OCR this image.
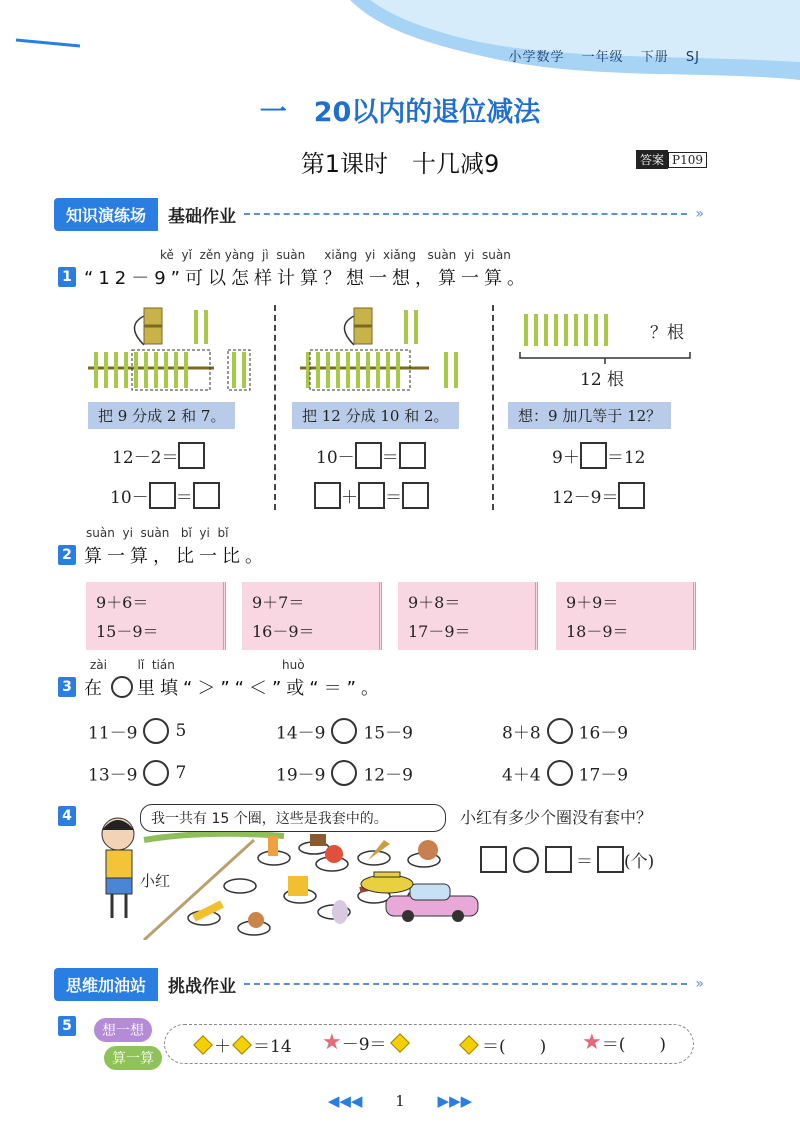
小学数学 一年级 下册 SJ
一　20以内的退位减法
第1课时　十几减9	答案 P109
知识演练场	基础作业	»
kě yǐ zěn yàng jì suàn xiǎng yi xiǎng suàn yi suàn
1 “12－9”可以怎样计算？想一想，算一算。
？根
12 根
把 9 分成 2 和 7。	把 12 分成 10 和 2。	想：9 加几等于 12？
12－2＝
10－ ＝
10－ ＝
＋ ＝
9＋ ＝12
12－9＝
suàn yi suàn bǐ yi bǐ
2 算一算，比一比。
9＋6＝
15－9＝
9＋7＝
16－9＝
9＋8＝
17－9＝
9＋9＝
18－9＝
zài	lǐ tián	huò
3 在 里填“＞”“＜”或“＝”。
11－9 5	14－9 15－9	8＋8 16－9
13－9 7	19－9 12－9	4＋4 17－9
4	我一共有 15 个圈，这些是我套中的。	小红有多少个圈没有套中？
小红
＝ (个)
思维加油站	挑战作业	»
5	想一想
算一算
＋ ＝14 ★ －9＝	＝(　　) ★ ＝(　　)
◀◀◀ 1 ▶▶▶
